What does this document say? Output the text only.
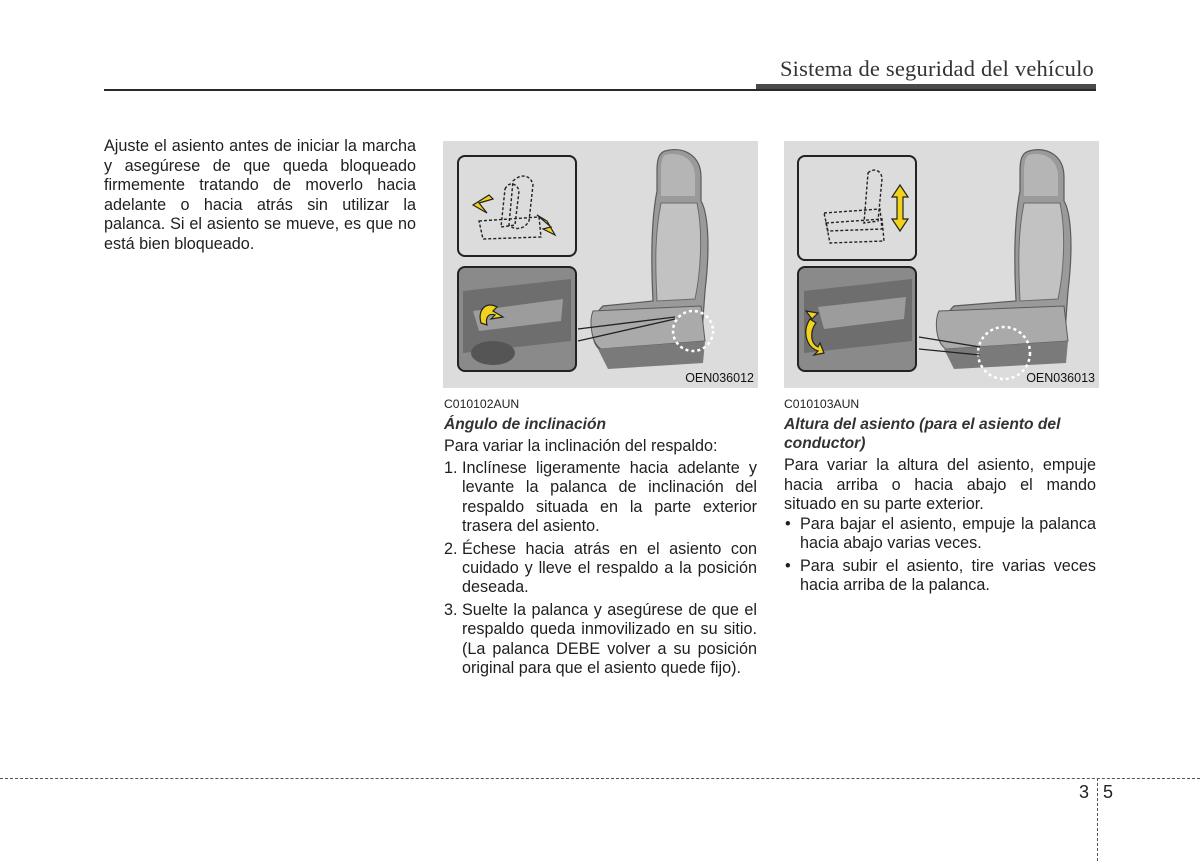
Sistema de seguridad del vehículo
Ajuste el asiento antes de iniciar la marcha y asegúrese de que queda bloqueado firmemente tratando de moverlo hacia adelante o hacia atrás sin utilizar la palanca. Si el asiento se mueve, es que no está bien bloqueado.
OEN036012	OEN036013
C010102AUN
Ángulo de inclinación
Para variar la inclinación del respaldo:
1. Inclínese ligeramente hacia adelante y levante la palanca de inclinación del respaldo situada en la parte exterior trasera del asiento.
2. Échese hacia atrás en el asiento con cuidado y lleve el respaldo a la posición deseada.
3. Suelte la palanca y asegúrese de que el respaldo queda inmovilizado en su sitio. (La palanca DEBE volver a su posición original para que el asiento quede fijo).
C010103AUN
Altura del asiento (para el asiento del conductor)
Para variar la altura del asiento, empuje hacia arriba o hacia abajo el mando situado en su parte exterior.
• Para bajar el asiento, empuje la palanca hacia abajo varias veces.
• Para subir el asiento, tire varias veces hacia arriba de la palanca.
3 5
